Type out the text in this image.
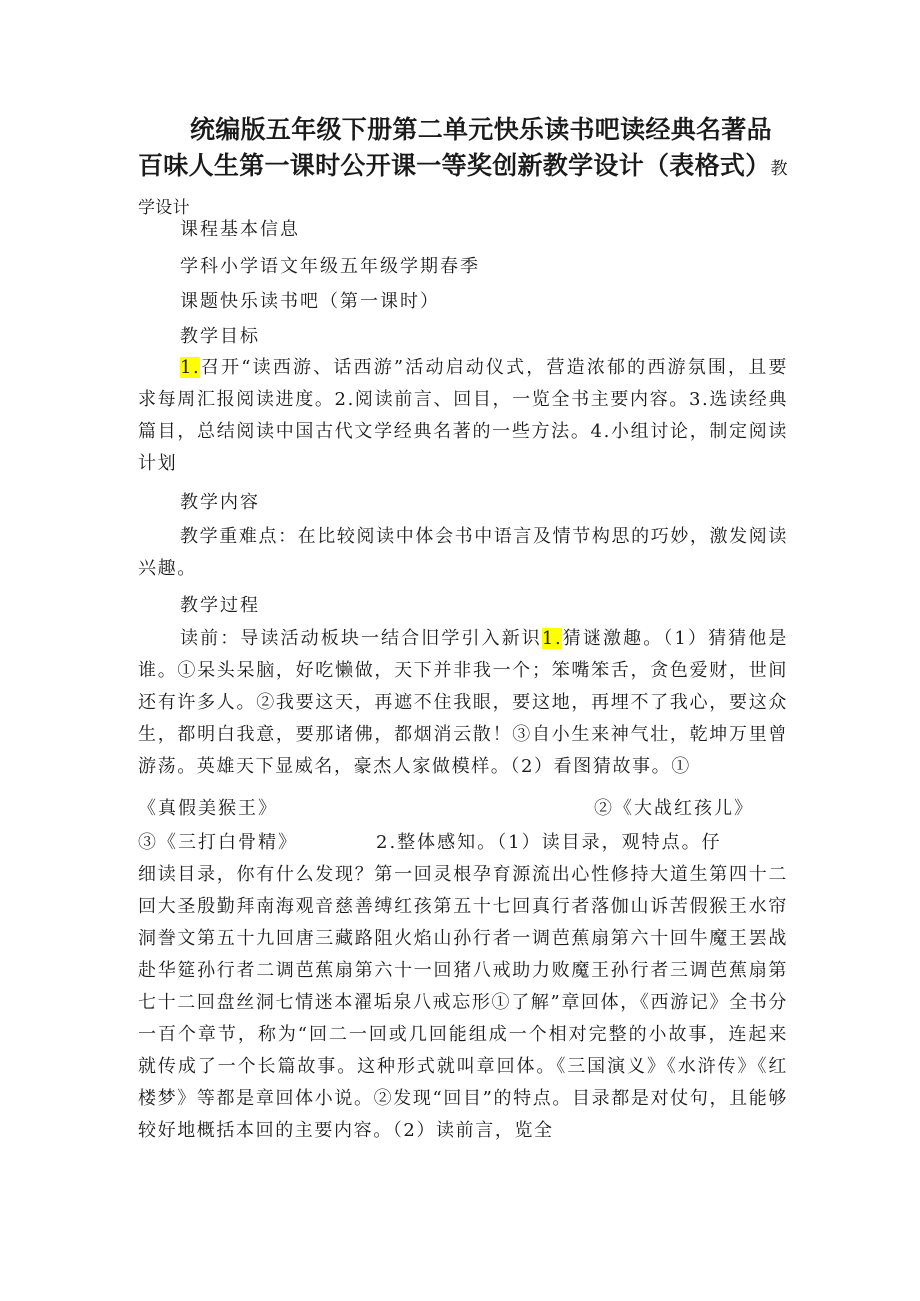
统编版五年级下册第二单元快乐读书吧读经典名著品百味人生第一课时公开课一等奖创新教学设计（表格式）教学设计
课程基本信息
学科小学语文年级五年级学期春季
课题快乐读书吧（第一课时）
教学目标
1.召开“读西游、话西游”活动启动仪式，营造浓郁的西游氛围，且要求每周汇报阅读进度。2.阅读前言、回目，一览全书主要内容。3.选读经典篇目，总结阅读中国古代文学经典名著的一些方法。4.小组讨论，制定阅读计划
教学内容
教学重难点：在比较阅读中体会书中语言及情节构思的巧妙，激发阅读兴趣。
教学过程
读前：导读活动板块一结合旧学引入新识1.猜谜激趣。（1）猜猜他是谁。①呆头呆脑，好吃懒做，天下并非我一个；笨嘴笨舌，贪色爱财，世间还有许多人。②我要这天，再遮不住我眼，要这地，再埋不了我心，要这众生，都明白我意，要那诸佛，都烟消云散！③自小生来神气壮，乾坤万里曾游荡。英雄天下显威名，豪杰人家做模样。（2）看图猜故事。①
《真假美猴王》	②《大战红孩儿》
③《三打白骨精》	2.整体感知。（1）读目录，观特点。仔
细读目录，你有什么发现？第一回灵根孕育源流出心性修持大道生第四十二回大圣殷勤拜南海观音慈善缚红孩第五十七回真行者落伽山诉苦假猴王水帘洞誊文第五十九回唐三藏路阻火焰山孙行者一调芭蕉扇第六十回牛魔王罢战赴华筵孙行者二调芭蕉扇第六十一回猪八戒助力败魔王孙行者三调芭蕉扇第七十二回盘丝洞七情迷本濯垢泉八戒忘形①了解”章回体，《西游记》全书分一百个章节，称为“回二一回或几回能组成一个相对完整的小故事，连起来就传成了一个长篇故事。这种形式就叫章回体。《三国演义》《水浒传》《红楼梦》等都是章回体小说。②发现“回目”的特点。目录都是对仗句，且能够较好地概括本回的主要内容。（2）读前言，览全
